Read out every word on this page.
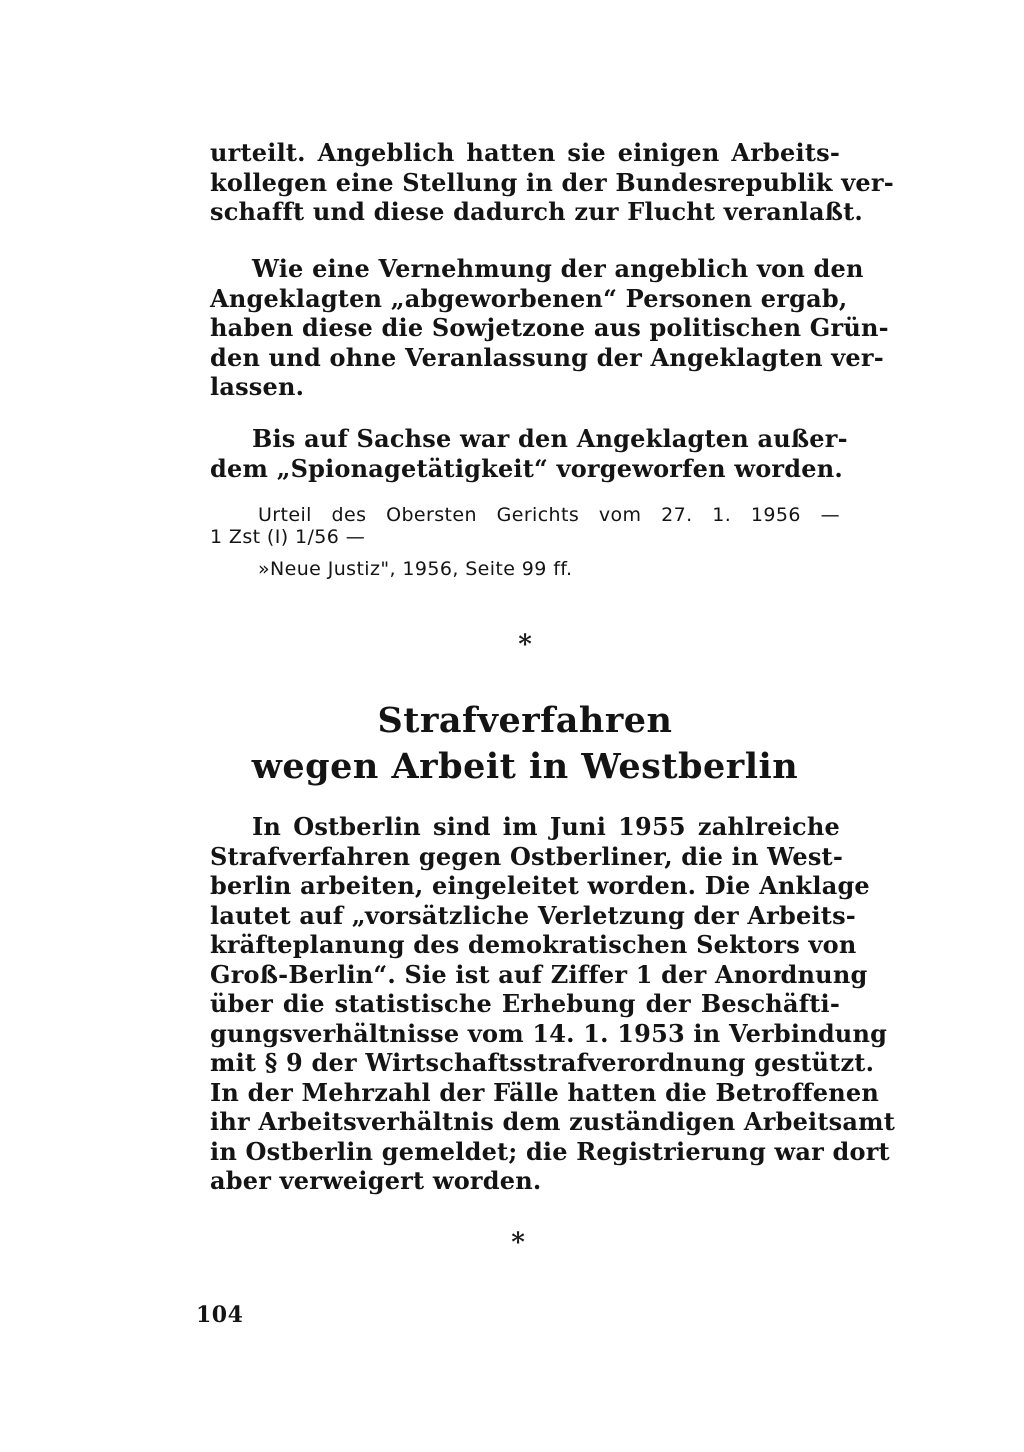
urteilt. Angeblich hatten sie einigen Arbeits-
kollegen eine Stellung in der Bundesrepublik ver-
schafft und diese dadurch zur Flucht veranlaßt.
Wie eine Vernehmung der angeblich von den
Angeklagten „abgeworbenen“ Personen ergab,
haben diese die Sowjetzone aus politischen Grün-
den und ohne Veranlassung der Angeklagten ver-
lassen.
Bis auf Sachse war den Angeklagten außer-
dem „Spionagetätigkeit“ vorgeworfen worden.
Urteil des Obersten Gerichts vom 27. 1. 1956 —
1 Zst (I) 1/56 —
»Neue Justiz", 1956, Seite 99 ff.
*
Strafverfahren
wegen Arbeit in Westberlin
In Ostberlin sind im Juni 1955 zahlreiche
Strafverfahren gegen Ostberliner, die in West-
berlin arbeiten, eingeleitet worden. Die Anklage
lautet auf „vorsätzliche Verletzung der Arbeits-
kräfteplanung des demokratischen Sektors von
Groß-Berlin“. Sie ist auf Ziffer 1 der Anordnung
über die statistische Erhebung der Beschäfti-
gungsverhältnisse vom 14. 1. 1953 in Verbindung
mit § 9 der Wirtschaftsstrafverordnung gestützt.
In der Mehrzahl der Fälle hatten die Betroffenen
ihr Arbeitsverhältnis dem zuständigen Arbeitsamt
in Ostberlin gemeldet; die Registrierung war dort
aber verweigert worden.
*
104
